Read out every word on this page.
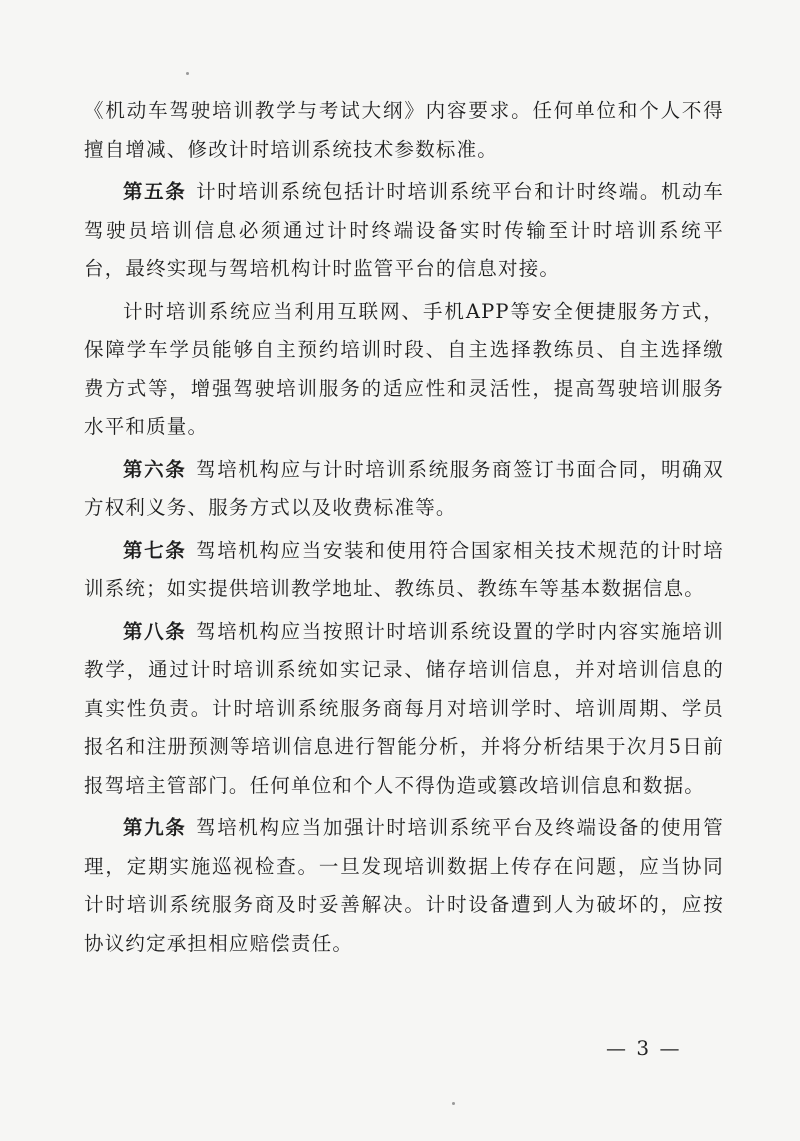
《机动车驾驶培训教学与考试大纲》内容要求。任何单位和个人不得擅自增减、修改计时培训系统技术参数标准。

第五条 计时培训系统包括计时培训系统平台和计时终端。机动车驾驶员培训信息必须通过计时终端设备实时传输至计时培训系统平台，最终实现与驾培机构计时监管平台的信息对接。

计时培训系统应当利用互联网、手机APP等安全便捷服务方式，保障学车学员能够自主预约培训时段、自主选择教练员、自主选择缴费方式等，增强驾驶培训服务的适应性和灵活性，提高驾驶培训服务水平和质量。

第六条 驾培机构应与计时培训系统服务商签订书面合同，明确双方权利义务、服务方式以及收费标准等。

第七条 驾培机构应当安装和使用符合国家相关技术规范的计时培训系统；如实提供培训教学地址、教练员、教练车等基本数据信息。

第八条 驾培机构应当按照计时培训系统设置的学时内容实施培训教学，通过计时培训系统如实记录、储存培训信息，并对培训信息的真实性负责。计时培训系统服务商每月对培训学时、培训周期、学员报名和注册预测等培训信息进行智能分析，并将分析结果于次月5日前报驾培主管部门。任何单位和个人不得伪造或篡改培训信息和数据。

第九条 驾培机构应当加强计时培训系统平台及终端设备的使用管理，定期实施巡视检查。一旦发现培训数据上传存在问题，应当协同计时培训系统服务商及时妥善解决。计时设备遭到人为破坏的，应按协议约定承担相应赔偿责任。

— 3 —
